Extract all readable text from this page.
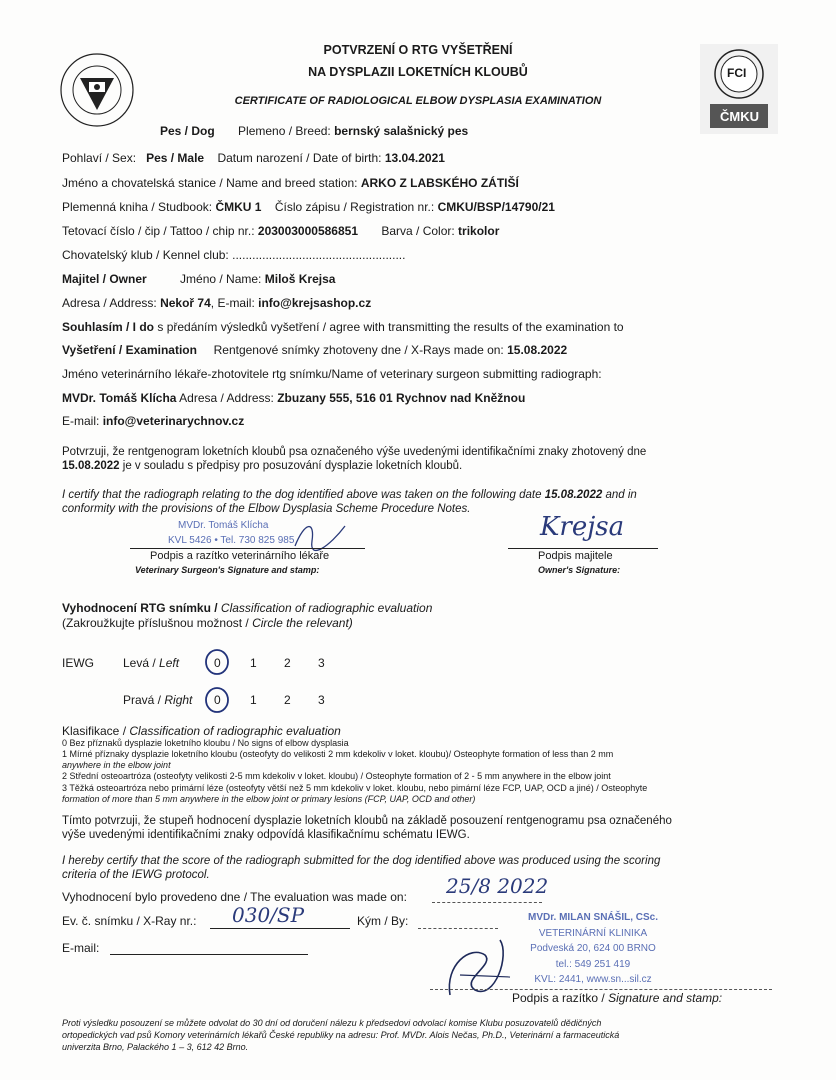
FCI
ČMKU
POTVRZENÍ O RTG VYŠETŘENÍ
NA DYSPLAZII LOKETNÍCH KLOUBŮ
CERTIFICATE OF RADIOLOGICAL ELBOW DYSPLASIA EXAMINATION
Pes / Dog Plemeno / Breed: bernský salašnický pes
Pohlaví / Sex: Pes / Male Datum narození / Date of birth: 13.04.2021
Jméno a chovatelská stanice / Name and breed station: ARKO Z LABSKÉHO ZÁTIŠÍ
Plemenná kniha / Studbook: ČMKU 1 Číslo zápisu / Registration nr.: CMKU/BSP/14790/21
Tetovací číslo / čip / Tattoo / chip nr.: 203003000586851 Barva / Color: trikolor
Chovatelský klub / Kennel club: ....................................................
Majitel / Owner	Jméno / Name: Miloš Krejsa
Adresa / Address: Nekoř 74, E-mail: info@krejsashop.cz
Souhlasím / I do s předáním výsledků vyšetření / agree with transmitting the results of the examination to
Vyšetření / Examination Rentgenové snímky zhotoveny dne / X-Rays made on: 15.08.2022
Jméno veterinárního lékaře-zhotovitele rtg snímku/Name of veterinary surgeon submitting radiograph:
MVDr. Tomáš Klícha Adresa / Address: Zbuzany 555, 516 01 Rychnov nad Kněžnou
E-mail: info@veterinarychnov.cz
Potvrzuji, že rentgenogram loketních kloubů psa označeného výše uvedenými identifikačními znaky zhotovený dne
15.08.2022 je v souladu s předpisy pro posuzování dysplazie loketních kloubů.
I certify that the radiograph relating to the dog identified above was taken on the following date 15.08.2022 and in
conformity with the provisions of the Elbow Dysplasia Scheme Procedure Notes.
MVDr. Tomáš Klícha
KVL 5426 • Tel. 730 825 985
Podpis a razítko veterinárního lékaře
Veterinary Surgeon's Signature and stamp:
Krejsa
Podpis majitele
Owner's Signature:
Vyhodnocení RTG snímku / Classification of radiographic evaluation
(Zakroužkujte příslušnou možnost / Circle the relevant)
IEWG Levá / Left	0 1 2 3
Pravá / Right 0 1 2 3
Klasifikace / Classification of radiographic evaluation
0 Bez příznaků dysplazie loketního kloubu / No signs of elbow dysplasia
1 Mírné příznaky dysplazie loketního kloubu (osteofyty do velikosti 2 mm kdekoliv v loket. kloubu)/ Osteophyte formation of less than 2 mm
anywhere in the elbow joint
2 Střední osteoartróza (osteofyty velikosti 2-5 mm kdekoliv v loket. kloubu) / Osteophyte formation of 2 - 5 mm anywhere in the elbow joint
3 Těžká osteoartróza nebo primární léze (osteofyty větší než 5 mm kdekoliv v loket. kloubu, nebo pimární léze FCP, UAP, OCD a jiné) / Osteophyte
formation of more than 5 mm anywhere in the elbow joint or primary lesions (FCP, UAP, OCD and other)
Tímto potvrzuji, že stupeň hodnocení dysplazie loketních kloubů na základě posouzení rentgenogramu psa označeného
výše uvedenými identifikačními znaky odpovídá klasifikačnímu schématu IEWG.
I hereby certify that the score of the radiograph submitted for the dog identified above was produced using the scoring
criteria of the IEWG protocol.
Vyhodnocení bylo provedeno dne / The evaluation was made on: 25/8 2022
Ev. č. snímku / X-Ray nr.: 030/SP	Kým / By:
E-mail:
MVDr. MILAN SNÁŠIL, CSc.
VETERINÁRNÍ KLINIKA
Podveská 20, 624 00 BRNO
tel.: 549 251 419
KVL: 2441, www.sn...sil.cz
Podpis a razítko / Signature and stamp:
Proti výsledku posouzení se můžete odvolat do 30 dní od doručení nálezu k předsedovi odvolací komise Klubu posuzovatelů dědičných
ortopedických vad psů Komory veterinárních lékařů České republiky na adresu: Prof. MVDr. Alois Nečas, Ph.D., Veterinární a farmaceutická
univerzita Brno, Palackého 1 – 3, 612 42 Brno.
